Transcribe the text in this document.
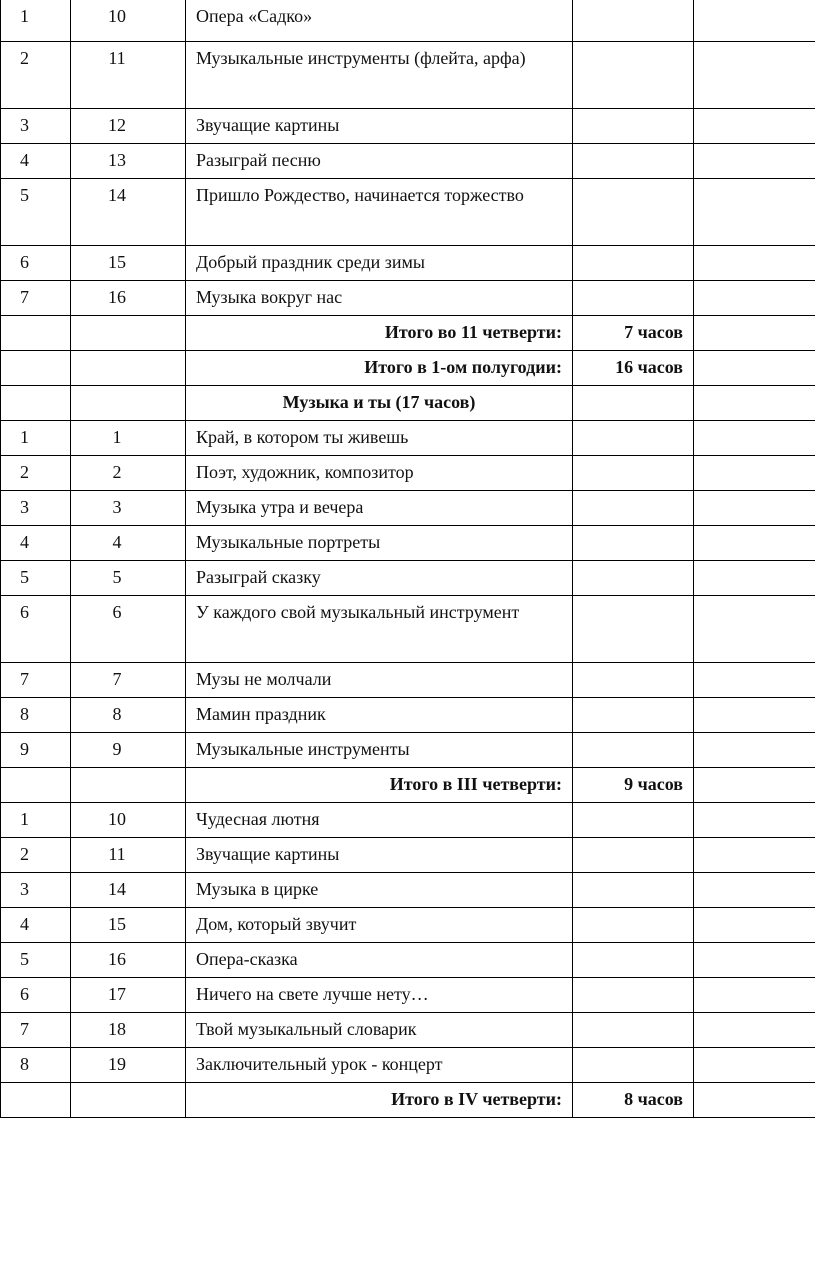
1	10	Опера «Садко»		
2	11	Музыкальные инструменты (флейта, арфа)		
3	12	Звучащие картины		
4	13	Разыграй песню		
5	14	Пришло Рождество, начинается торжество		
6	15	Добрый праздник среди зимы		
7	16	Музыка вокруг нас		
		Итого во 11 четверти:	7 часов	
		Итого в 1-ом полугодии:	16 часов	
		Музыка и ты (17 часов)		
1	1	Край, в котором ты живешь		
2	2	Поэт, художник, композитор		
3	3	Музыка утра и вечера		
4	4	Музыкальные портреты		
5	5	Разыграй сказку		
6	6	У каждого свой музыкальный инструмент		
7	7	Музы не молчали		
8	8	Мамин праздник		
9	9	Музыкальные инструменты		
		Итого в III четверти:	9 часов	
1	10	Чудесная лютня		
2	11	Звучащие картины		
3	14	Музыка в цирке		
4	15	Дом, который звучит		
5	16	Опера-сказка		
6	17	Ничего на свете лучше нету…		
7	18	Твой музыкальный словарик		
8	19	Заключительный урок - концерт		
		Итого в IV четверти:	8 часов	
